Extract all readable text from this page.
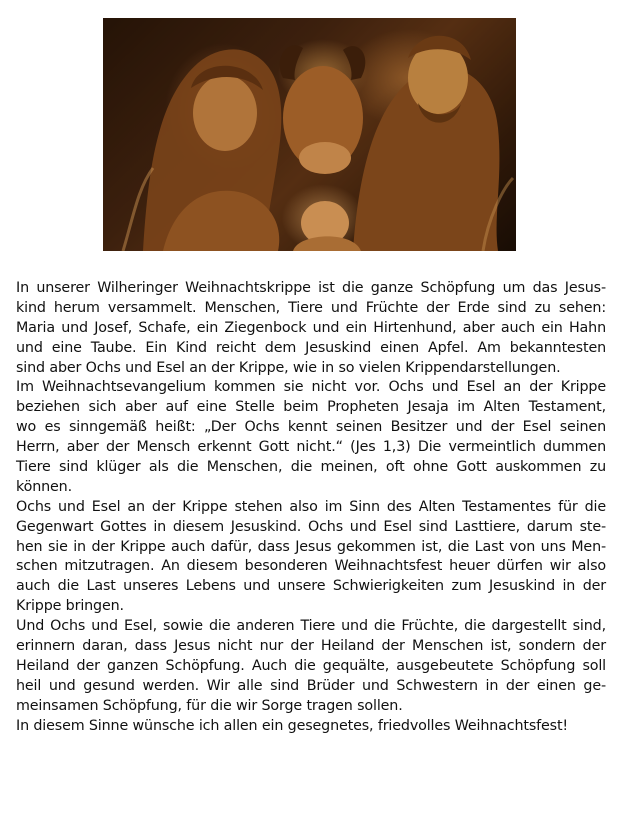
In unserer Wilheringer Weihnachtskrippe ist die ganze Schöpfung um das Jesus-
kind herum versammelt. Menschen, Tiere und Früchte der Erde sind zu sehen:
Maria und Josef, Schafe, ein Ziegenbock und ein Hirtenhund, aber auch ein Hahn
und eine Taube. Ein Kind reicht dem Jesuskind einen Apfel. Am bekanntesten
sind aber Ochs und Esel an der Krippe, wie in so vielen Krippendarstellungen.
Im Weihnachtsevangelium kommen sie nicht vor. Ochs und Esel an der Krippe
beziehen sich aber auf eine Stelle beim Propheten Jesaja im Alten Testament,
wo es sinngemäß heißt: „Der Ochs kennt seinen Besitzer und der Esel seinen
Herrn, aber der Mensch erkennt Gott nicht.“ (Jes 1,3) Die vermeintlich dummen
Tiere sind klüger als die Menschen, die meinen, oft ohne Gott auskommen zu
können.
Ochs und Esel an der Krippe stehen also im Sinn des Alten Testamentes für die
Gegenwart Gottes in diesem Jesuskind. Ochs und Esel sind Lasttiere, darum ste-
hen sie in der Krippe auch dafür, dass Jesus gekommen ist, die Last von uns Men-
schen mitzutragen. An diesem besonderen Weihnachtsfest heuer dürfen wir also
auch die Last unseres Lebens und unsere Schwierigkeiten zum Jesuskind in der
Krippe bringen.
Und Ochs und Esel, sowie die anderen Tiere und die Früchte, die dargestellt sind,
erinnern daran, dass Jesus nicht nur der Heiland der Menschen ist, sondern der
Heiland der ganzen Schöpfung. Auch die gequälte, ausgebeutete Schöpfung soll
heil und gesund werden. Wir alle sind Brüder und Schwestern in der einen ge-
meinsamen Schöpfung, für die wir Sorge tragen sollen.
In diesem Sinne wünsche ich allen ein gesegnetes, friedvolles Weihnachtsfest!
